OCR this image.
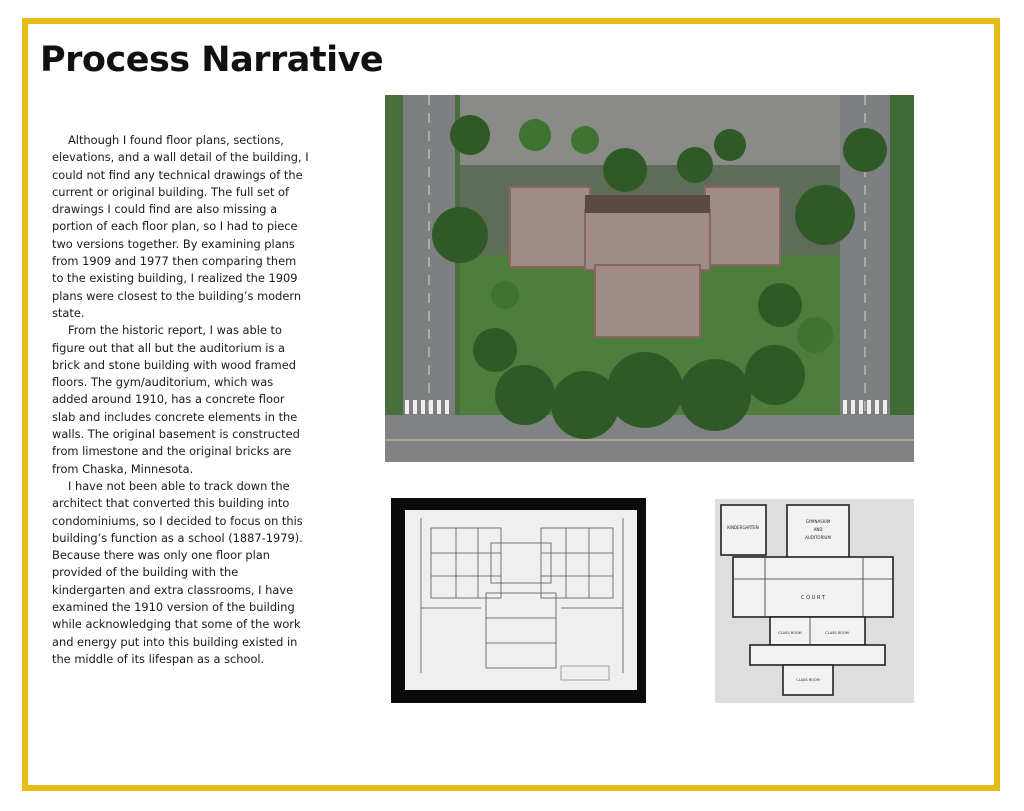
Process Narrative

Although I found floor plans, sections, elevations, and a wall detail of the building, I could not find any technical drawings of the current or original building. The full set of drawings I could find are also missing a portion of each floor plan, so I had to piece two versions together. By examining plans from 1909 and 1977 then comparing them to the existing building, I realized the 1909 plans were closest to the building’s modern state.

From the historic report, I was able to figure out that all but the auditorium is a brick and stone building with wood framed floors. The gym/auditorium, which was added around 1910, has a concrete floor slab and includes concrete elements in the walls. The original basement is constructed from limestone and the original bricks are from Chaska, Minnesota.

I have not been able to track down the architect that converted this building into condominiums, so I decided to focus on this building’s function as a school (1887-1979). Because there was only one floor plan provided of the building with the kindergarten and extra classrooms, I have examined the 1910 version of the building while acknowledging that some of the work and energy put into this building existed in the middle of its lifespan as a school.

KINDERGARTEN
GYMNASIUM
AND
AUDITORIUM
C O U R T
CLASS ROOM	CLASS ROOM
CLASS ROOM
